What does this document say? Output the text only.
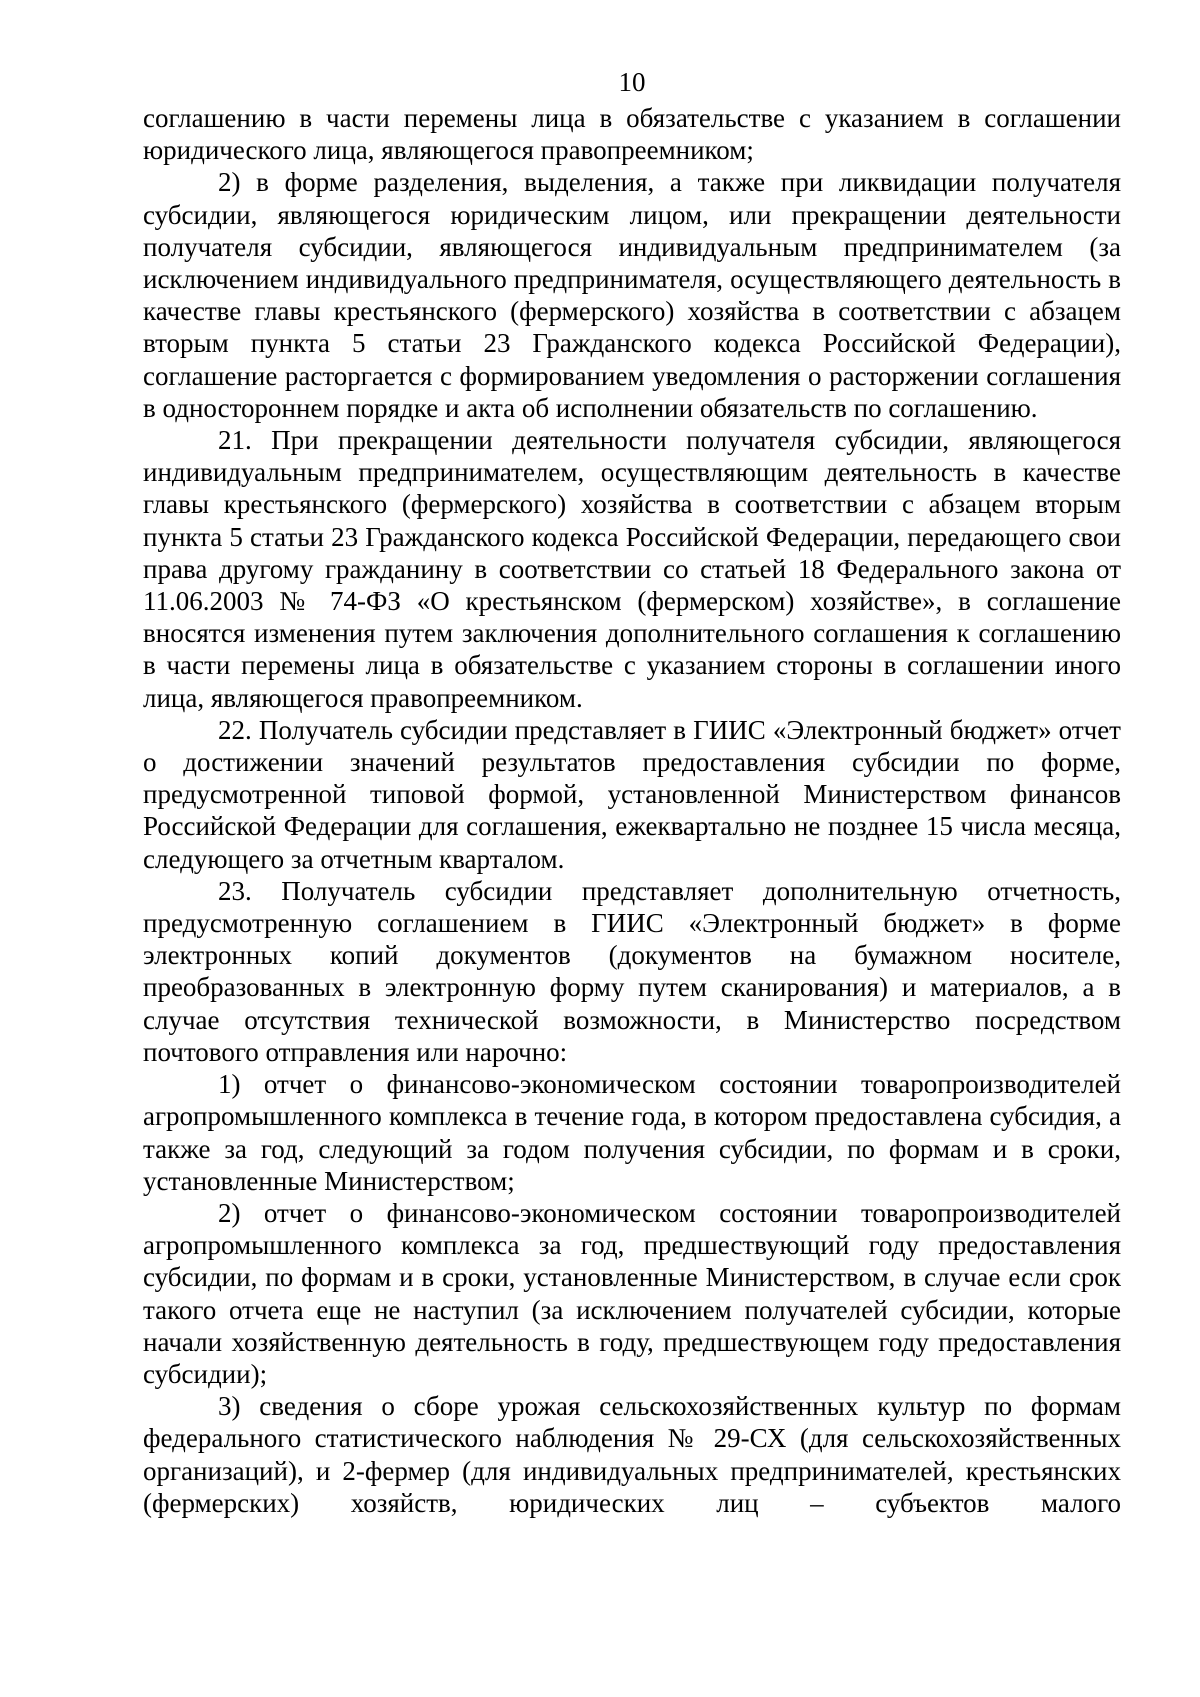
10

соглашению в части перемены лица в обязательстве с указанием в соглашении юридического лица, являющегося правопреемником;

2) в форме разделения, выделения, а также при ликвидации получателя субсидии, являющегося юридическим лицом, или прекращении деятельности получателя субсидии, являющегося индивидуальным предпринимателем (за исключением индивидуального предпринимателя, осуществляющего деятельность в качестве главы крестьянского (фермерского) хозяйства в соответствии с абзацем вторым пункта 5 статьи 23 Гражданского кодекса Российской Федерации), соглашение расторгается с формированием уведомления о расторжении соглашения в одностороннем порядке и акта об исполнении обязательств по соглашению.

21. При прекращении деятельности получателя субсидии, являющегося индивидуальным предпринимателем, осуществляющим деятельность в качестве главы крестьянского (фермерского) хозяйства в соответствии с абзацем вторым пункта 5 статьи 23 Гражданского кодекса Российской Федерации, передающего свои права другому гражданину в соответствии со статьей 18 Федерального закона от 11.06.2003 № 74-ФЗ «О крестьянском (фермерском) хозяйстве», в соглашение вносятся изменения путем заключения дополнительного соглашения к соглашению в части перемены лица в обязательстве с указанием стороны в соглашении иного лица, являющегося правопреемником.

22. Получатель субсидии представляет в ГИИС «Электронный бюджет» отчет о достижении значений результатов предоставления субсидии по форме, предусмотренной типовой формой, установленной Министерством финансов Российской Федерации для соглашения, ежеквартально не позднее 15 числа месяца, следующего за отчетным кварталом.

23. Получатель субсидии представляет дополнительную отчетность, предусмотренную соглашением в ГИИС «Электронный бюджет» в форме электронных копий документов (документов на бумажном носителе, преобразованных в электронную форму путем сканирования) и материалов, а в случае отсутствия технической возможности, в Министерство посредством почтового отправления или нарочно:

1) отчет о финансово-экономическом состоянии товаропроизводителей агропромышленного комплекса в течение года, в котором предоставлена субсидия, а также за год, следующий за годом получения субсидии, по формам и в сроки, установленные Министерством;

2) отчет о финансово-экономическом состоянии товаропроизводителей агропромышленного комплекса за год, предшествующий году предоставления субсидии, по формам и в сроки, установленные Министерством, в случае если срок такого отчета еще не наступил (за исключением получателей субсидии, которые начали хозяйственную деятельность в году, предшествующем году предоставления субсидии);

3) сведения о сборе урожая сельскохозяйственных культур по формам федерального статистического наблюдения № 29-СХ (для сельскохозяйственных организаций), и 2-фермер (для индивидуальных предпринимателей, крестьянских (фермерских) хозяйств, юридических лиц – субъектов малого
